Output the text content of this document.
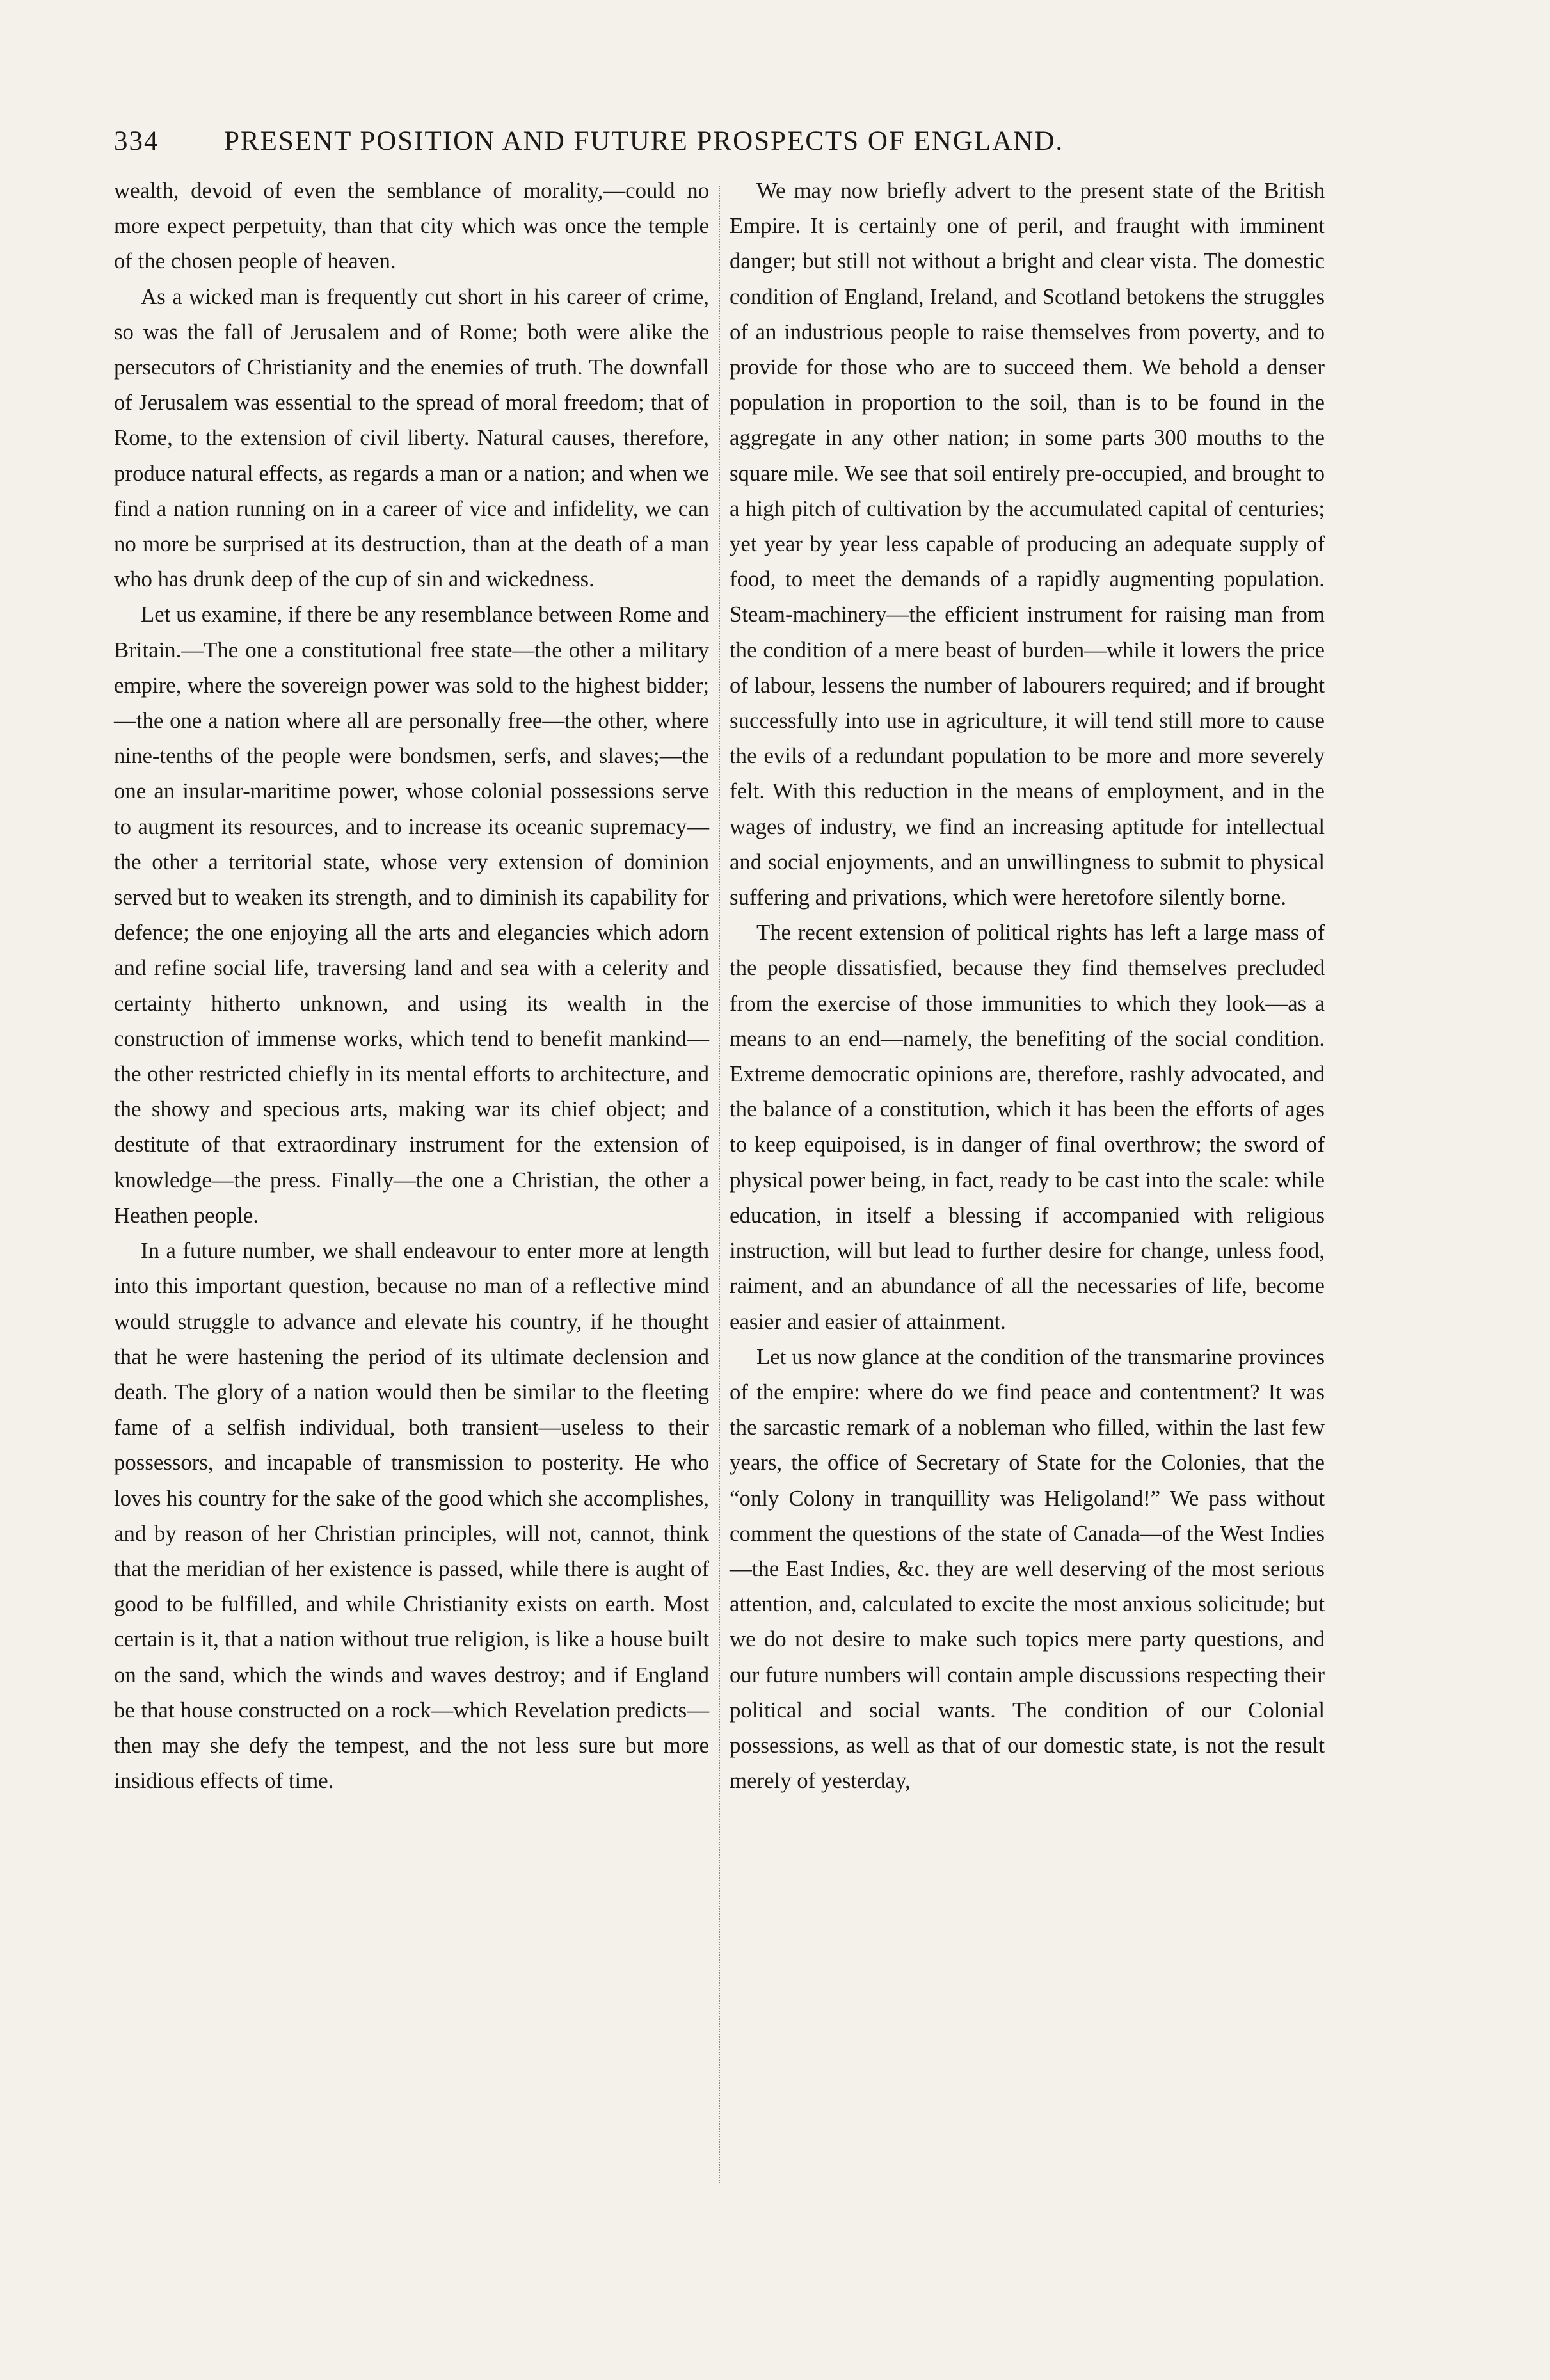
334 PRESENT POSITION AND FUTURE PROSPECTS OF ENGLAND.

wealth, devoid of even the semblance of morality,—could no more expect perpetuity, than that city which was once the temple of the chosen people of heaven.

As a wicked man is frequently cut short in his career of crime, so was the fall of Jerusalem and of Rome; both were alike the persecutors of Christianity and the enemies of truth. The downfall of Jerusalem was essential to the spread of moral freedom; that of Rome, to the extension of civil liberty. Natural causes, therefore, produce natural effects, as regards a man or a nation; and when we find a nation running on in a career of vice and infidelity, we can no more be surprised at its destruction, than at the death of a man who has drunk deep of the cup of sin and wickedness.

Let us examine, if there be any resemblance between Rome and Britain.—The one a constitutional free state—the other a military empire, where the sovereign power was sold to the highest bidder;—the one a nation where all are personally free—the other, where nine-tenths of the people were bondsmen, serfs, and slaves;—the one an insular-maritime power, whose colonial possessions serve to augment its resources, and to increase its oceanic supremacy—the other a territorial state, whose very extension of dominion served but to weaken its strength, and to diminish its capability for defence; the one enjoying all the arts and elegancies which adorn and refine social life, traversing land and sea with a celerity and certainty hitherto unknown, and using its wealth in the construction of immense works, which tend to benefit mankind—the other restricted chiefly in its mental efforts to architecture, and the showy and specious arts, making war its chief object; and destitute of that extraordinary instrument for the extension of knowledge—the press. Finally—the one a Christian, the other a Heathen people.

In a future number, we shall endeavour to enter more at length into this important question, because no man of a reflective mind would struggle to advance and elevate his country, if he thought that he were hastening the period of its ultimate declension and death. The glory of a nation would then be similar to the fleeting fame of a selfish individual, both transient—useless to their possessors, and incapable of transmission to posterity. He who loves his country for the sake of the good which she accomplishes, and by reason of her Christian principles, will not, cannot, think that the meridian of her existence is passed, while there is aught of good to be fulfilled, and while Christianity exists on earth. Most certain is it, that a nation without true religion, is like a house built on the sand, which the winds and waves destroy; and if England be that house constructed on a rock—which Revelation predicts—then may she defy the tempest, and the not less sure but more insidious effects of time.

We may now briefly advert to the present state of the British Empire. It is certainly one of peril, and fraught with imminent danger; but still not without a bright and clear vista. The domestic condition of England, Ireland, and Scotland betokens the struggles of an industrious people to raise themselves from poverty, and to provide for those who are to succeed them. We behold a denser population in proportion to the soil, than is to be found in the aggregate in any other nation; in some parts 300 mouths to the square mile. We see that soil entirely pre-occupied, and brought to a high pitch of cultivation by the accumulated capital of centuries; yet year by year less capable of producing an adequate supply of food, to meet the demands of a rapidly augmenting population. Steam-machinery—the efficient instrument for raising man from the condition of a mere beast of burden—while it lowers the price of labour, lessens the number of labourers required; and if brought successfully into use in agriculture, it will tend still more to cause the evils of a redundant population to be more and more severely felt. With this reduction in the means of employment, and in the wages of industry, we find an increasing aptitude for intellectual and social enjoyments, and an unwillingness to submit to physical suffering and privations, which were heretofore silently borne.

The recent extension of political rights has left a large mass of the people dissatisfied, because they find themselves precluded from the exercise of those immunities to which they look—as a means to an end—namely, the benefiting of the social condition. Extreme democratic opinions are, therefore, rashly advocated, and the balance of a constitution, which it has been the efforts of ages to keep equipoised, is in danger of final overthrow; the sword of physical power being, in fact, ready to be cast into the scale: while education, in itself a blessing if accompanied with religious instruction, will but lead to further desire for change, unless food, raiment, and an abundance of all the necessaries of life, become easier and easier of attainment.

Let us now glance at the condition of the transmarine provinces of the empire: where do we find peace and contentment? It was the sarcastic remark of a nobleman who filled, within the last few years, the office of Secretary of State for the Colonies, that the “only Colony in tranquillity was Heligoland!” We pass without comment the questions of the state of Canada—of the West Indies—the East Indies, &c. they are well deserving of the most serious attention, and, calculated to excite the most anxious solicitude; but we do not desire to make such topics mere party questions, and our future numbers will contain ample discussions respecting their political and social wants. The condition of our Colonial possessions, as well as that of our domestic state, is not the result merely of yesterday,
